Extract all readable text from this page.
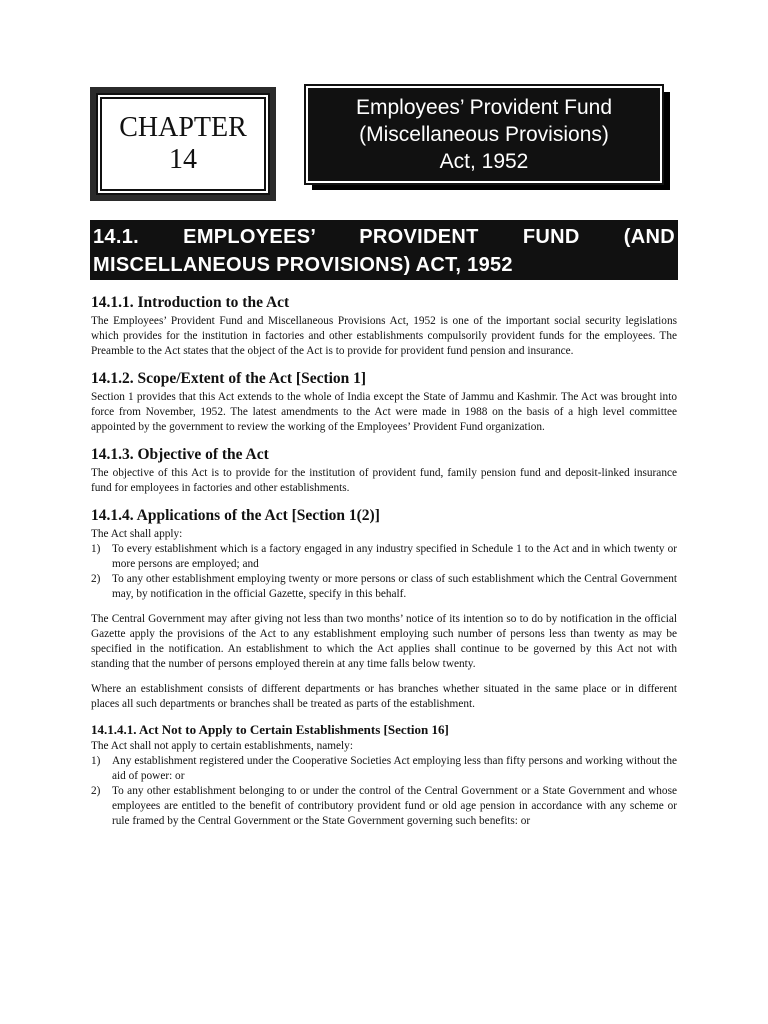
CHAPTER
14
Employees’ Provident Fund
(Miscellaneous Provisions)
Act, 1952
14.1. EMPLOYEES’ PROVIDENT FUND (AND MISCELLANEOUS PROVISIONS) ACT, 1952
14.1.1. Introduction to the Act

The Employees’ Provident Fund and Miscellaneous Provisions Act, 1952 is one of the important social security legislations which provides for the institution in factories and other establishments compulsorily provident funds for the employees. The Preamble to the Act states that the object of the Act is to provide for provident fund pension and insurance.

14.1.2. Scope/Extent of the Act [Section 1]

Section 1 provides that this Act extends to the whole of India except the State of Jammu and Kashmir. The Act was brought into force from November, 1952. The latest amendments to the Act were made in 1988 on the basis of a high level committee appointed by the government to review the working of the Employees’ Provident Fund organization.

14.1.3. Objective of the Act

The objective of this Act is to provide for the institution of provident fund, family pension fund and deposit-linked insurance fund for employees in factories and other establishments.

14.1.4. Applications of the Act [Section 1(2)]

The Act shall apply:

1) To every establishment which is a factory engaged in any industry specified in Schedule 1 to the Act and in which twenty or more persons are employed; and
2) To any other establishment employing twenty or more persons or class of such establishment which the Central Government may, by notification in the official Gazette, specify in this behalf.

The Central Government may after giving not less than two months’ notice of its intention so to do by notification in the official Gazette apply the provisions of the Act to any establishment employing such number of persons less than twenty as may be specified in the notification. An establishment to which the Act applies shall continue to be governed by this Act not with standing that the number of persons employed therein at any time falls below twenty.

Where an establishment consists of different departments or has branches whether situated in the same place or in different places all such departments or branches shall be treated as parts of the establishment.

14.1.4.1. Act Not to Apply to Certain Establishments [Section 16]

The Act shall not apply to certain establishments, namely:

1) Any establishment registered under the Cooperative Societies Act employing less than fifty persons and working without the aid of power: or
2) To any other establishment belonging to or under the control of the Central Government or a State Government and whose employees are entitled to the benefit of contributory provident fund or old age pension in accordance with any scheme or rule framed by the Central Government or the State Government governing such benefits: or
